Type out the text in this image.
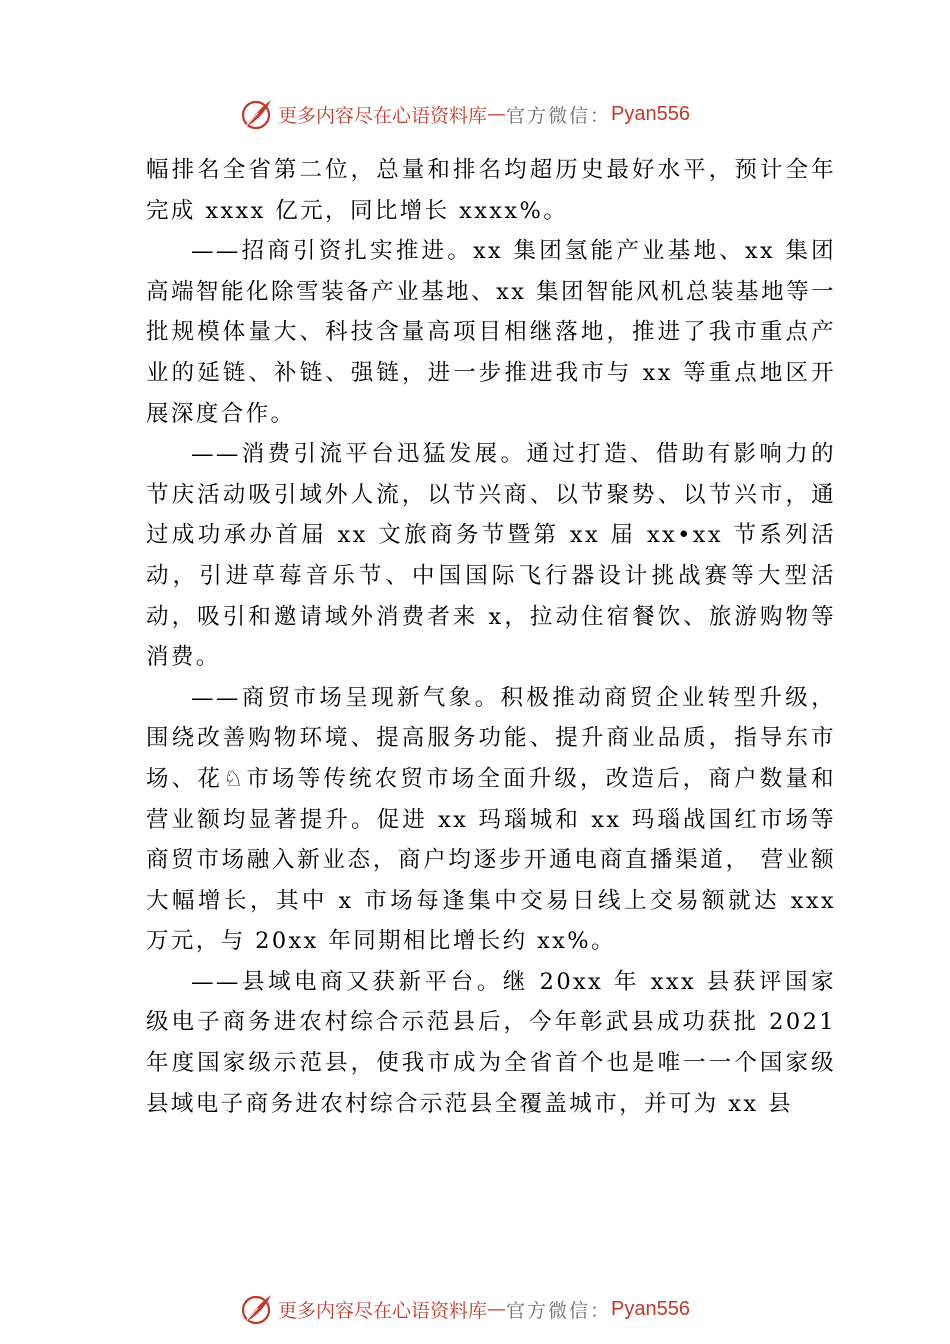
更多内容尽在心语资料库 — 官方微信： Pyan556

幅排名全省第二位，总量和排名均超历史最好水平，预计全年完成 xxxx 亿元，同比增长 xxxx%。

——招商引资扎实推进。xx 集团氢能产业基地、xx 集团高端智能化除雪装备产业基地、xx 集团智能风机总装基地等一批规模体量大、科技含量高项目相继落地，推进了我市重点产业的延链、补链、强链，进一步推进我市与 xx 等重点地区开展深度合作。

——消费引流平台迅猛发展。通过打造、借助有影响力的节庆活动吸引域外人流，以节兴商、以节聚势、以节兴市，通过成功承办首届 xx 文旅商务节暨第 xx 届 xx•xx 节系列活动，引进草莓音乐节、中国国际飞行器设计挑战赛等大型活动，吸引和邀请域外消费者来 x，拉动住宿餐饮、旅游购物等消费。

——商贸市场呈现新气象。积极推动商贸企业转型升级，围绕改善购物环境、提高服务功能、提升商业品质，指导东市场、花♘市场等传统农贸市场全面升级，改造后，商户数量和营业额均显著提升。促进 xx 玛瑙城和 xx 玛瑙战国红市场等商贸市场融入新业态，商户均逐步开通电商直播渠道， 营业额大幅增长，其中 x 市场每逢集中交易日线上交易额就达 xxx 万元，与 20xx 年同期相比增长约 xx%。

——县域电商又获新平台。继 20xx 年 xxx 县获评国家级电子商务进农村综合示范县后，今年彰武县成功获批 2021 年度国家级示范县，使我市成为全省首个也是唯一一个国家级县域电子商务进农村综合示范县全覆盖城市，并可为 xx 县

更多内容尽在心语资料库 — 官方微信： Pyan556
